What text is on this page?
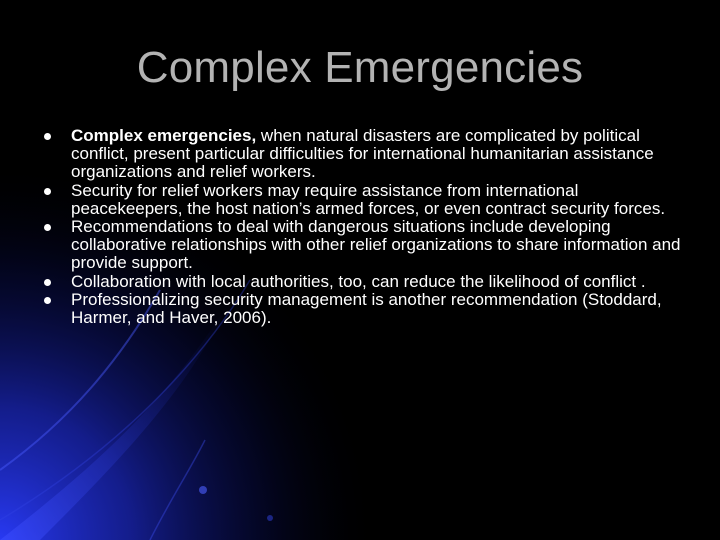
Complex Emergencies
Complex emergencies, when natural disasters are complicated by political conflict, present particular difficulties for international humanitarian assistance organizations and relief workers.
Security for relief workers may require assistance from international peacekeepers, the host nation’s armed forces, or even contract security forces.
Recommendations to deal with dangerous situations include developing collaborative relationships with other relief organizations to share information and provide support.
Collaboration with local authorities, too, can reduce the likelihood of conflict .
Professionalizing security management is another recommendation (Stoddard, Harmer, and Haver, 2006).
